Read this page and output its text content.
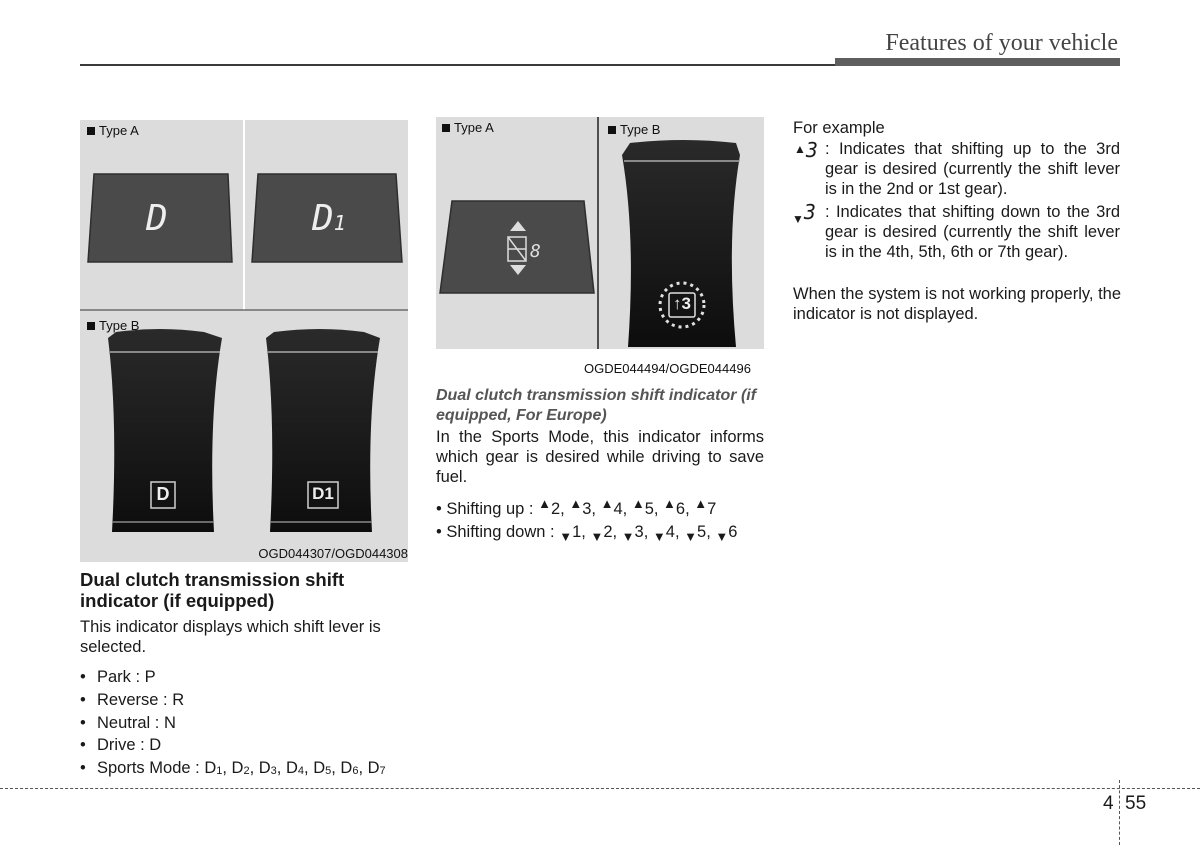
Features of your vehicle
Type A
Type B
D	D1
D	D1
OGD044307/OGD044308
Dual clutch transmission shift indicator (if equipped)
This indicator displays which shift lever is selected.
• Park : P
• Reverse : R
• Neutral : N
• Drive : D
• Sports Mode : $D_1$, $D_2$, $D_3$, $D_4$, $D_5$, $D_6$, $D_7$
Type A	Type B
8
↑3
OGDE044494/OGDE044496
Dual clutch transmission shift indicator (if equipped, For Europe)
In the Sports Mode, this indicator informs which gear is desired while driving to save fuel.
• Shifting up : ▲2, ▲3, ▲4, ▲5, ▲6, ▲7
• Shifting down : $_▼$1, $_▼$2, $_▼$3, $_▼$4, $_▼$5, $_▼$6
For example
▲3 : Indicates that shifting up to the 3rd gear is desired (currently the shift lever is in the 2nd or 1st gear).
▼3 : Indicates that shifting down to the 3rd gear is desired (currently the shift lever is in the 4th, 5th, 6th or 7th gear).
When the system is not working properly, the indicator is not displayed.
4 55
